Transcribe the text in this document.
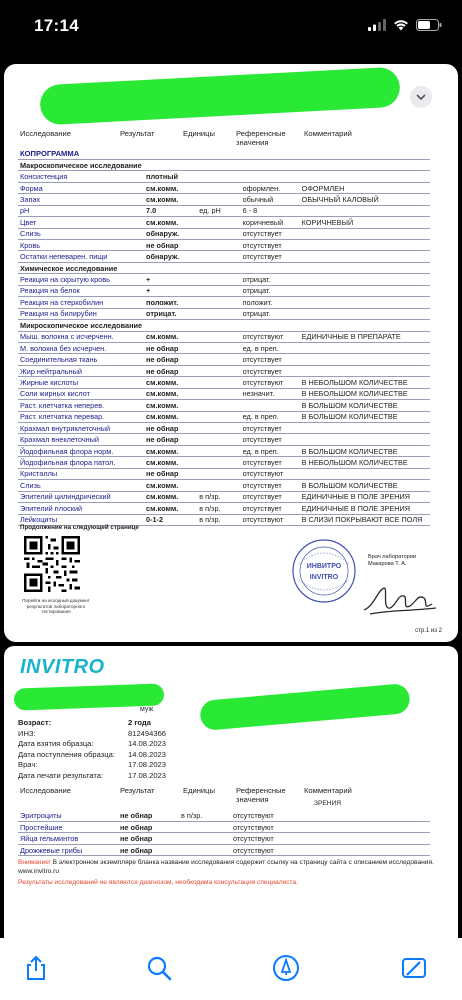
17:14
Исследование	Результат	Единицы	Референсные значения
Комментарий
КОПРОГРАММА				
Макроскопическое исследование				
Консистенция	плотный			
Форма	см.комм.		оформлен.	ОФОРМЛЕН
Запах	см.комм.		обычный	ОБЫЧНЫЙ КАЛОВЫЙ
pH	7.0	ед. pH	6 - 8	
Цвет	см.комм.		коричневый	КОРИЧНЕВЫЙ
Слизь	обнаруж.		отсутствует	
Кровь	не обнар		отсутствует	
Остатки непеварен. пищи	обнаруж.		отсутствует	
Химическое исследование				
Реакция на скрытую кровь	+		отрицат.	
Реакция на белок	+		отрицат.	
Реакция на стеркобилин	положит.		положит.	
Реакция на билирубин	отрицат.		отрицат.	
Микроскопическое исследование				
Мыш. волокна с исчерченн.	см.комм.		отсутствуют	ЕДИНИЧНЫЕ В ПРЕПАРАТЕ
М. волокна без исчерчен.	не обнар		ед. в преп.	
Соединительная ткань	не обнар		отсутствует	
Жир нейтральный	не обнар		отсутствует	
Жирные кислоты	см.комм.		отсутствуют	В НЕБОЛЬШОМ КОЛИЧЕСТВЕ
Соли жирных кислот	см.комм.		незначит.	В НЕБОЛЬШОМ КОЛИЧЕСТВЕ
Раст. клетчатка неперев.	см.комм.			В БОЛЬШОМ КОЛИЧЕСТВЕ
Раст. клетчатка перевар.	см.комм.		ед. в преп.	В БОЛЬШОМ КОЛИЧЕСТВЕ
Крахмал внутриклеточный	не обнар		отсутствует	
Крахмал внеклеточный	не обнар		отсутствует	
Йодофильная флора норм.	см.комм.		ед. в преп.	В БОЛЬШОМ КОЛИЧЕСТВЕ
Йодофильная флора патол.	см.комм.		отсутствует	В НЕБОЛЬШОМ КОЛИЧЕСТВЕ
Кристаллы	не обнар		отсутствуют	
Слизь	см.комм.		отсутствует	В БОЛЬШОМ КОЛИЧЕСТВЕ
Эпителий цилиндрический	см.комм.	в п/зр.	отсутствует	ЕДИНИЧНЫЕ В ПОЛЕ ЗРЕНИЯ
Эпителий плоский	см.комм.	в п/зр.	отсутствует	ЕДИНИЧНЫЕ В ПОЛЕ ЗРЕНИЯ
Лейкоциты	0-1-2	в п/зр.	отсутствуют	В СЛИЗИ ПОКРЫВАЮТ ВСЕ ПОЛЯ
Продолжение на следующей странице
Перейти на исходный документ результатов лабораторного тестирования
ИНВИТРО
INVITRO
Врач лаборатории
Макарова Т. А.
стр.1 из 2
INVITRO
муж
Возраст:	2 года
ИНЗ:	812494366
Дата взятия образца:	14.08.2023
Дата поступления образца: 14.08.2023
Врач:	17.08.2023
Дата печати результата:	17.08.2023
Исследование	Результат	Единицы	Референсные значения
Комментарий
ЗРЕНИЯ
Эритроциты	не обнар	в п/зр.	отсутствуют	
Простейшие	не обнар		отсутствуют	
Яйца гельминтов	не обнар		отсутствуют	
Дрожжевые грибы	не обнар		отсутствуют	
Внимание! В электронном экземпляре бланка название исследования содержит ссылку на страницу сайта с описанием исследования. www.invitro.ru
Результаты исследований не являются диагнозом, необходима консультация специалиста.
